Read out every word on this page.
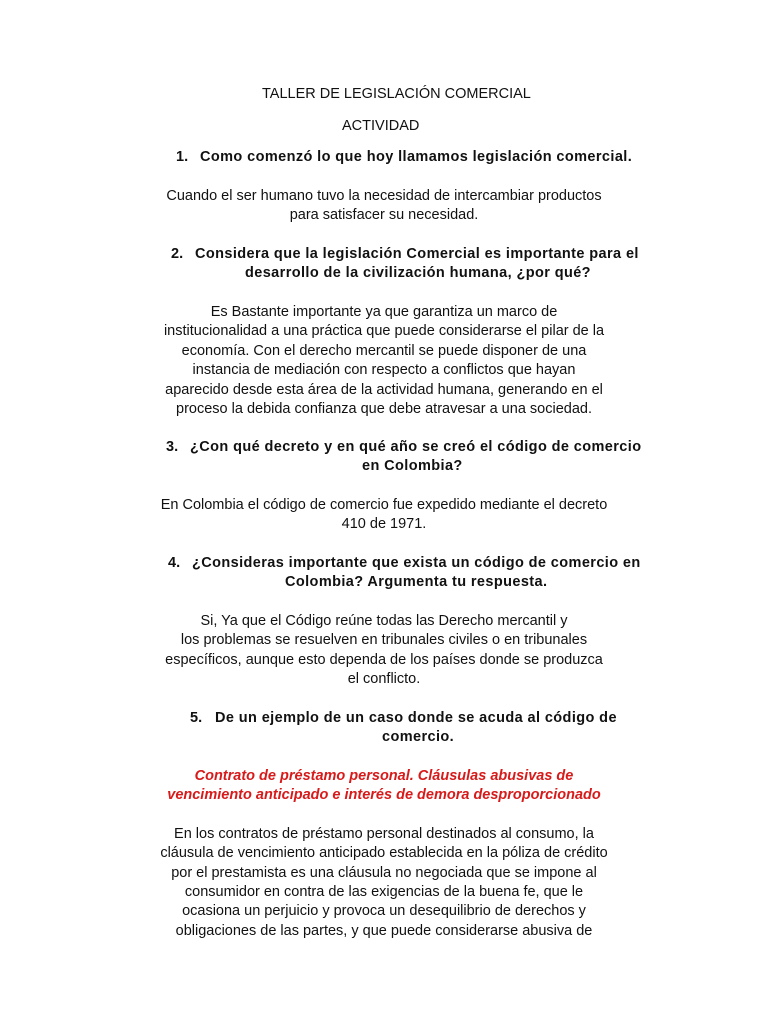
TALLER DE LEGISLACIÓN COMERCIAL
ACTIVIDAD
1. Como comenzó lo que hoy llamamos legislación comercial.
Cuando el ser humano tuvo la necesidad de intercambiar productos
para satisfacer su necesidad.
2. Considera que la legislación Comercial es importante para el
desarrollo de la civilización humana, ¿por qué?
Es Bastante importante ya que garantiza un marco de
institucionalidad a una práctica que puede considerarse el pilar de la
economía. Con el derecho mercantil se puede disponer de una
instancia de mediación con respecto a conflictos que hayan
aparecido desde esta área de la actividad humana, generando en el
proceso la debida confianza que debe atravesar a una sociedad.
3. ¿Con qué decreto y en qué año se creó el código de comercio
en Colombia?
En Colombia el código de comercio fue expedido mediante el decreto
410 de 1971.
4. ¿Consideras importante que exista un código de comercio en
Colombia? Argumenta tu respuesta.
Si, Ya que el Código reúne todas las Derecho mercantil y
los problemas se resuelven en tribunales civiles o en tribunales
específicos, aunque esto dependa de los países donde se produzca
el conflicto.
5. De un ejemplo de un caso donde se acuda al código de
comercio.
Contrato de préstamo personal. Cláusulas abusivas de
vencimiento anticipado e interés de demora desproporcionado
En los contratos de préstamo personal destinados al consumo, la
cláusula de vencimiento anticipado establecida en la póliza de crédito
por el prestamista es una cláusula no negociada que se impone al
consumidor en contra de las exigencias de la buena fe, que le
ocasiona un perjuicio y provoca un desequilibrio de derechos y
obligaciones de las partes, y que puede considerarse abusiva de
